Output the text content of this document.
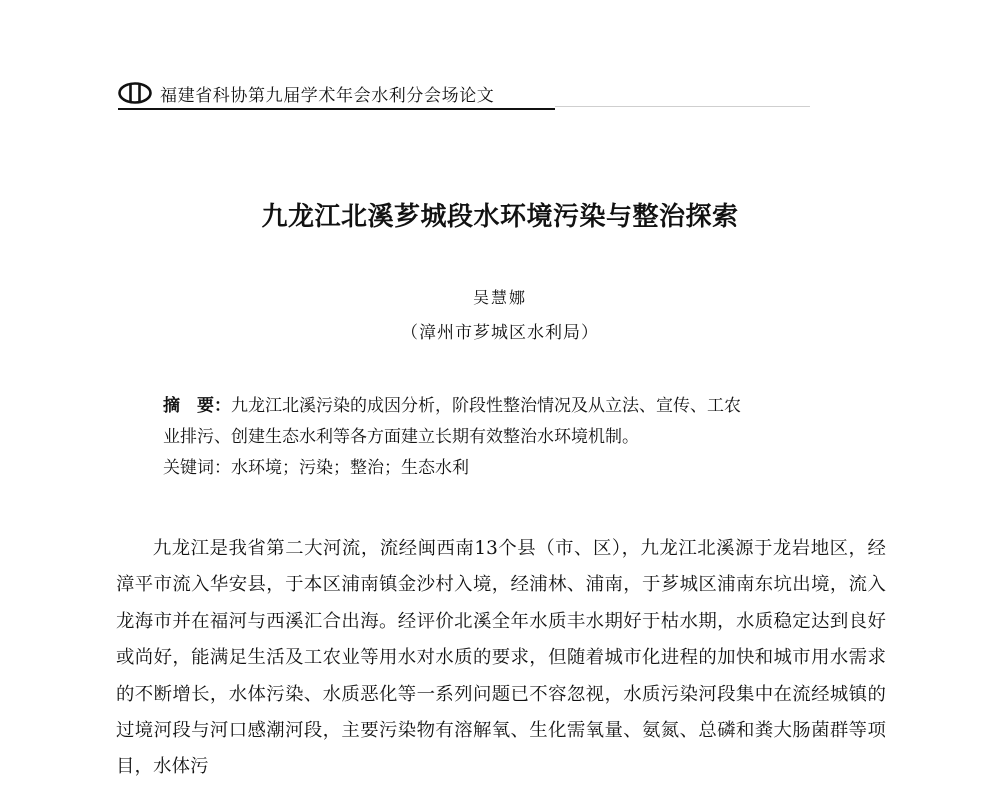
福建省科协第九届学术年会水利分会场论文
九龙江北溪芗城段水环境污染与整治探索
吴慧娜
（漳州市芗城区水利局）

摘　要：九龙江北溪污染的成因分析，阶段性整治情况及从立法、宣传、工农

业排污、创建生态水利等各方面建立长期有效整治水环境机制。

关键词：水环境；污染；整治；生态水利

九龙江是我省第二大河流，流经闽西南13个县（市、区），九龙江北溪源于龙岩地区，经漳平市流入华安县，于本区浦南镇金沙村入境，经浦林、浦南，于芗城区浦南东坑出境，流入龙海市并在福河与西溪汇合出海。经评价北溪全年水质丰水期好于枯水期，水质稳定达到良好或尚好，能满足生活及工农业等用水对水质的要求，但随着城市化进程的加快和城市用水需求的不断增长，水体污染、水质恶化等一系列问题已不容忽视，水质污染河段集中在流经城镇的过境河段与河口感潮河段，主要污染物有溶解氧、生化需氧量、氨氮、总磷和粪大肠菌群等项目，水体污
